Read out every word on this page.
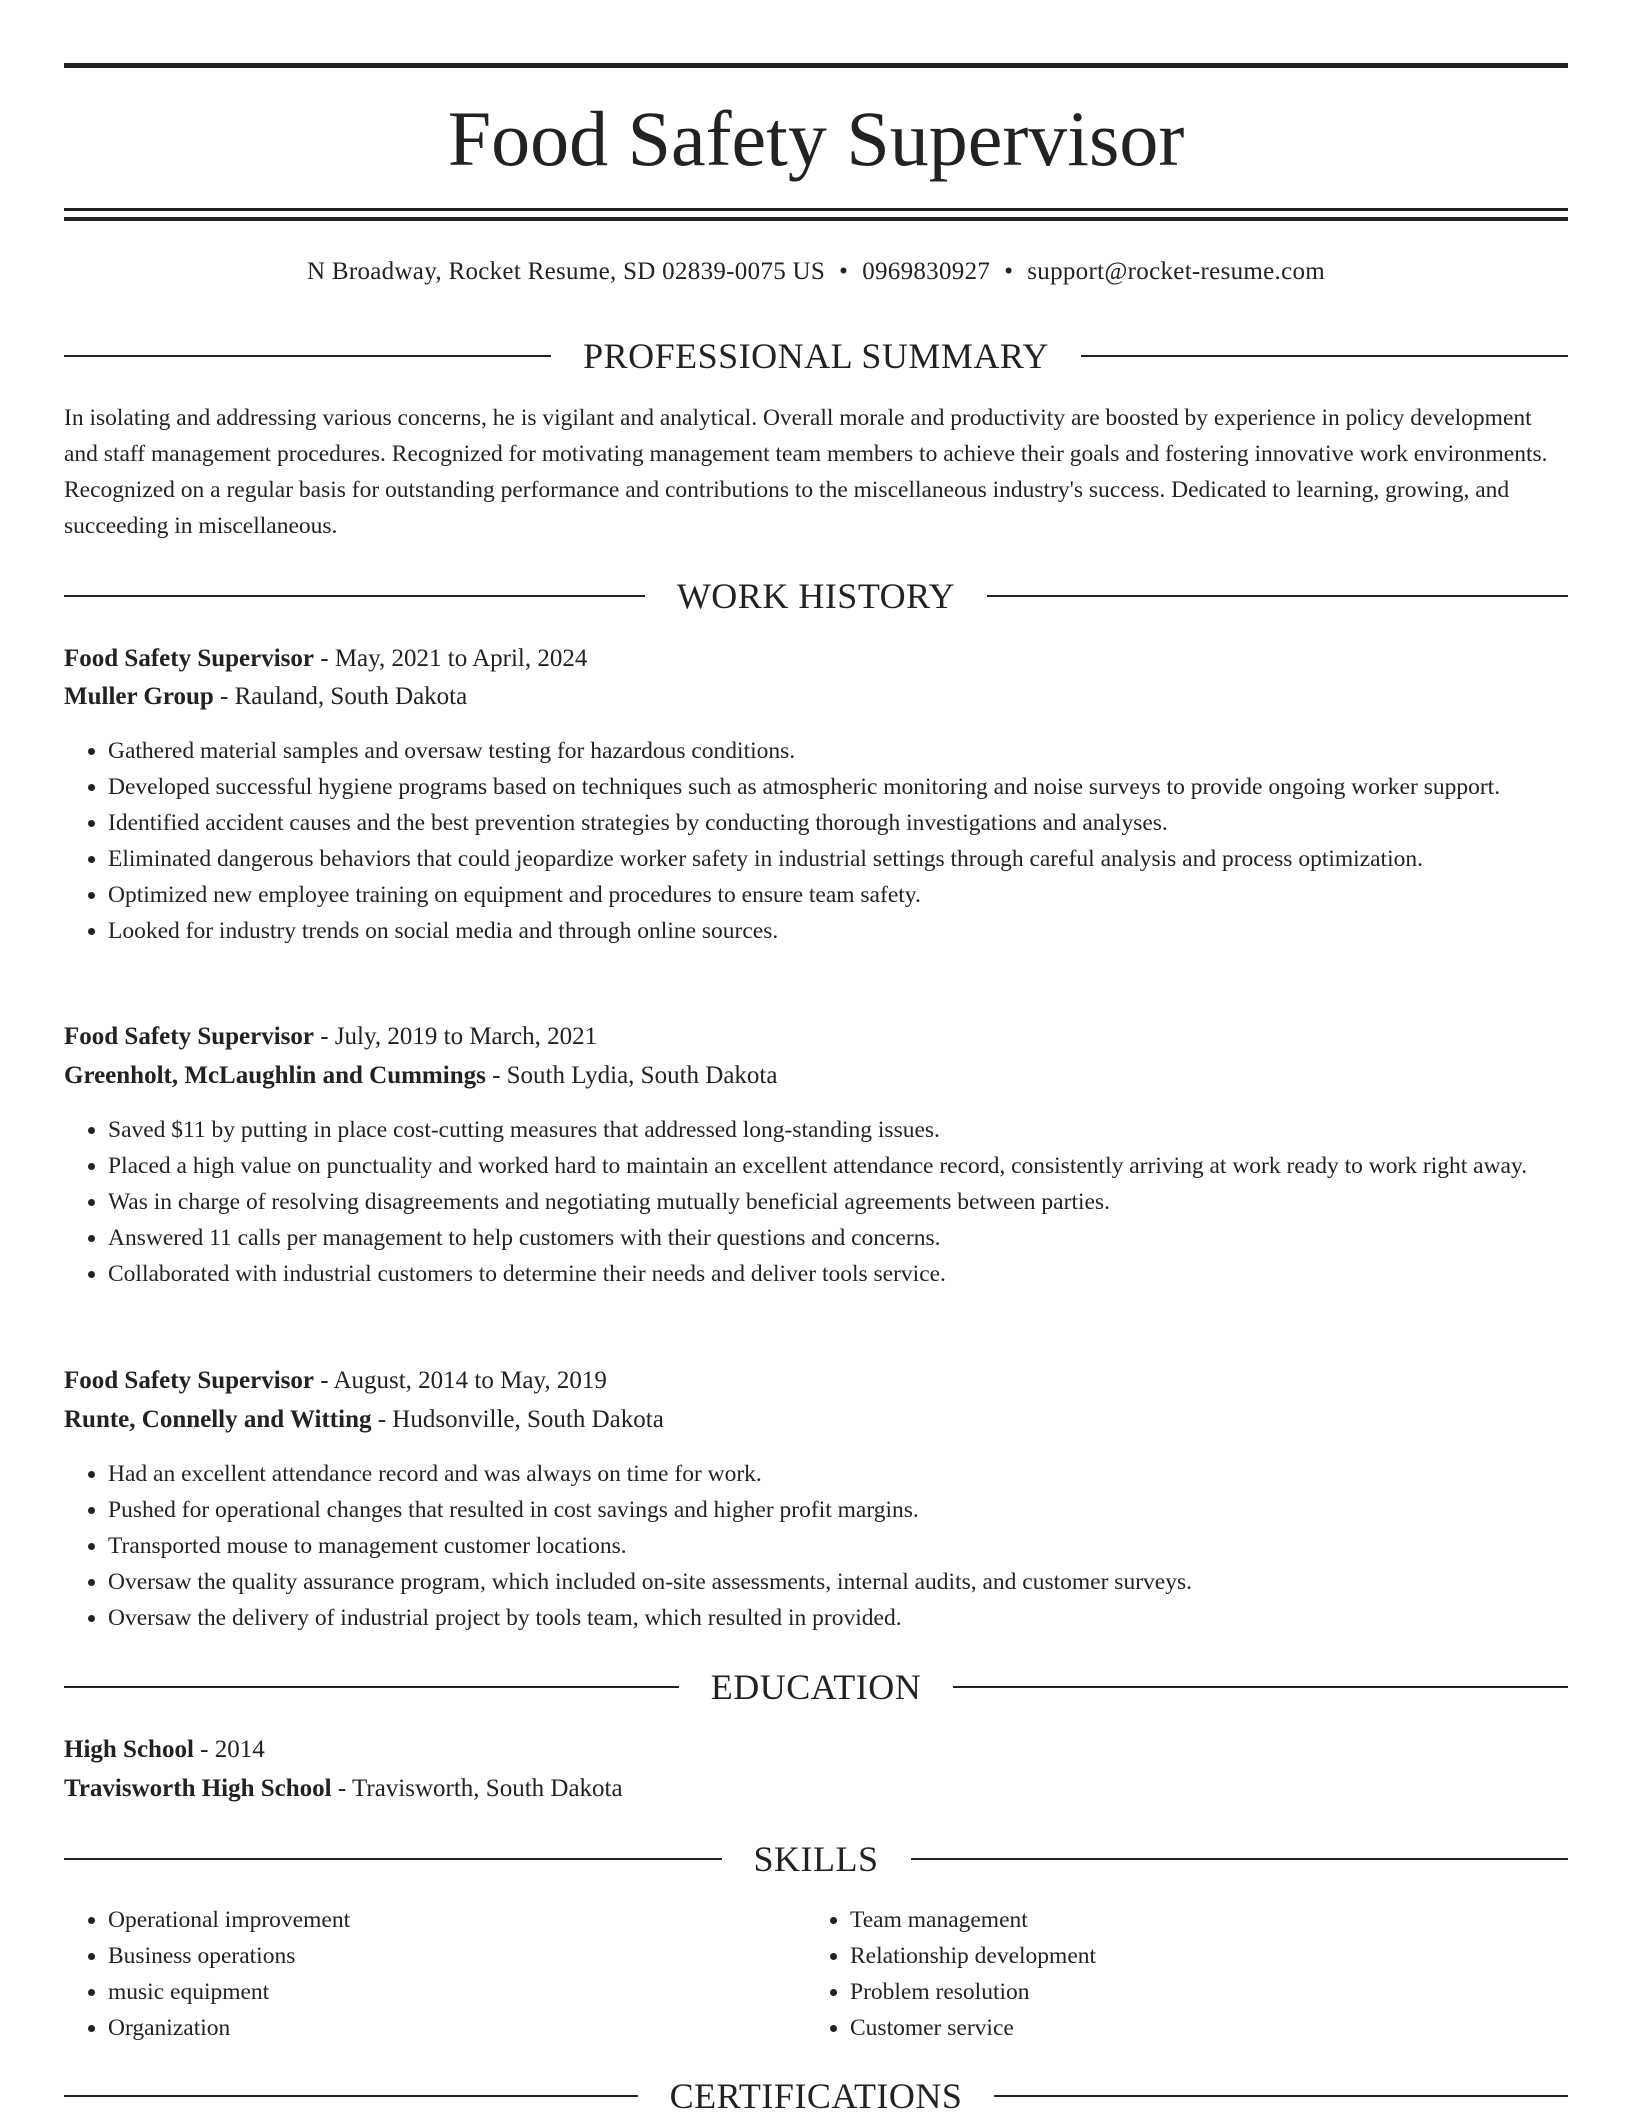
Food Safety Supervisor
N Broadway, Rocket Resume, SD 02839-0075 US • 0969830927 • support@rocket-resume.com
PROFESSIONAL SUMMARY

In isolating and addressing various concerns, he is vigilant and analytical. Overall morale and productivity are boosted by experience in policy development and staff management procedures. Recognized for motivating management team members to achieve their goals and fostering innovative work environments. Recognized on a regular basis for outstanding performance and contributions to the miscellaneous industry's success. Dedicated to learning, growing, and succeeding in miscellaneous.

WORK HISTORY
Food Safety Supervisor - May, 2021 to April, 2024
Muller Group - Rauland, South Dakota
• Gathered material samples and oversaw testing for hazardous conditions.
• Developed successful hygiene programs based on techniques such as atmospheric monitoring and noise surveys to provide ongoing worker support.
• Identified accident causes and the best prevention strategies by conducting thorough investigations and analyses.
• Eliminated dangerous behaviors that could jeopardize worker safety in industrial settings through careful analysis and process optimization.
• Optimized new employee training on equipment and procedures to ensure team safety.
• Looked for industry trends on social media and through online sources.
Food Safety Supervisor - July, 2019 to March, 2021
Greenholt, McLaughlin and Cummings - South Lydia, South Dakota
• Saved $11 by putting in place cost-cutting measures that addressed long-standing issues.
• Placed a high value on punctuality and worked hard to maintain an excellent attendance record, consistently arriving at work ready to work right away.
• Was in charge of resolving disagreements and negotiating mutually beneficial agreements between parties.
• Answered 11 calls per management to help customers with their questions and concerns.
• Collaborated with industrial customers to determine their needs and deliver tools service.
Food Safety Supervisor - August, 2014 to May, 2019
Runte, Connelly and Witting - Hudsonville, South Dakota
• Had an excellent attendance record and was always on time for work.
• Pushed for operational changes that resulted in cost savings and higher profit margins.
• Transported mouse to management customer locations.
• Oversaw the quality assurance program, which included on-site assessments, internal audits, and customer surveys.
• Oversaw the delivery of industrial project by tools team, which resulted in provided.
EDUCATION
High School - 2014
Travisworth High School - Travisworth, South Dakota
SKILLS
• Operational improvement
• Business operations
• music equipment
• Organization
• Team management
• Relationship development
• Problem resolution
• Customer service
CERTIFICATIONS
